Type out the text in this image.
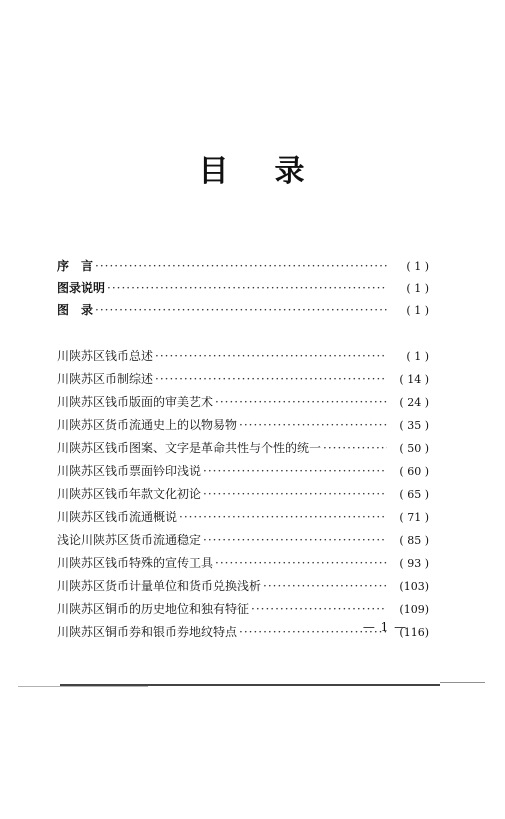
目 录
序　言 ·····	( 1 )
图录说明 ·····	( 1 )
图　录 ·····	( 1 )
川陕苏区钱币总述 ·····	( 1 )
川陕苏区币制综述 ·····	( 14 )
川陕苏区钱币版面的审美艺术 ·····	( 24 )
川陕苏区货币流通史上的以物易物 ·····	( 35 )
川陕苏区钱币图案、文字是革命共性与个性的统一 ·····	( 50 )
川陕苏区钱币票面钤印浅说 ·····	( 60 )
川陕苏区钱币年款文化初论 ·····	( 65 )
川陕苏区钱币流通概说 ·····	( 71 )
浅论川陕苏区货币流通稳定 ·····	( 85 )
川陕苏区钱币特殊的宣传工具 ·····	( 93 )
川陕苏区货币计量单位和货币兑换浅析 ·····	(103)
川陕苏区铜币的历史地位和独有特征 ·····	(109)
川陕苏区铜币券和银币券地纹特点 ·····	(116)
— 1 —
